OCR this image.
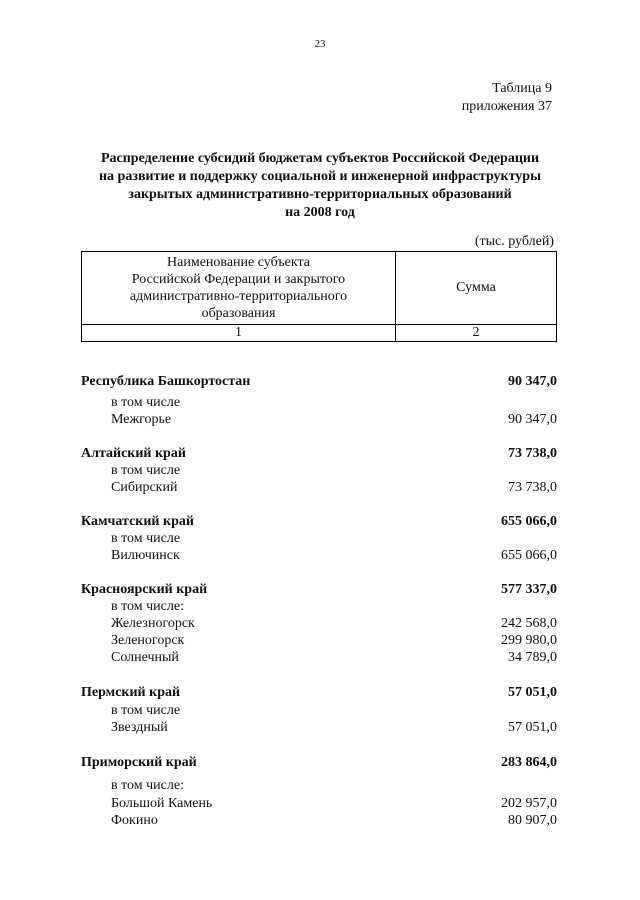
23
Таблица 9
приложения 37
Распределение субсидий бюджетам субъектов Российской Федерации
на развитие и поддержку социальной и инженерной инфраструктуры
закрытых административно-территориальных образований
на 2008 год
(тыс. рублей)
Наименование субъекта
Российской Федерации и закрытого
административно-территориального
образования	Сумма
1	2
Республика Башкортостан	90 347,0
в том числе
Межгорье	90 347,0
Алтайский край	73 738,0
в том числе
Сибирский	73 738,0
Камчатский край	655 066,0
в том числе
Вилючинск	655 066,0
Красноярский край	577 337,0
в том числе:
Железногорск	242 568,0
Зеленогорск	299 980,0
Солнечный	34 789,0
Пермский край	57 051,0
в том числе
Звездный	57 051,0
Приморский край	283 864,0
в том числе:
Большой Камень	202 957,0
Фокино	80 907,0
